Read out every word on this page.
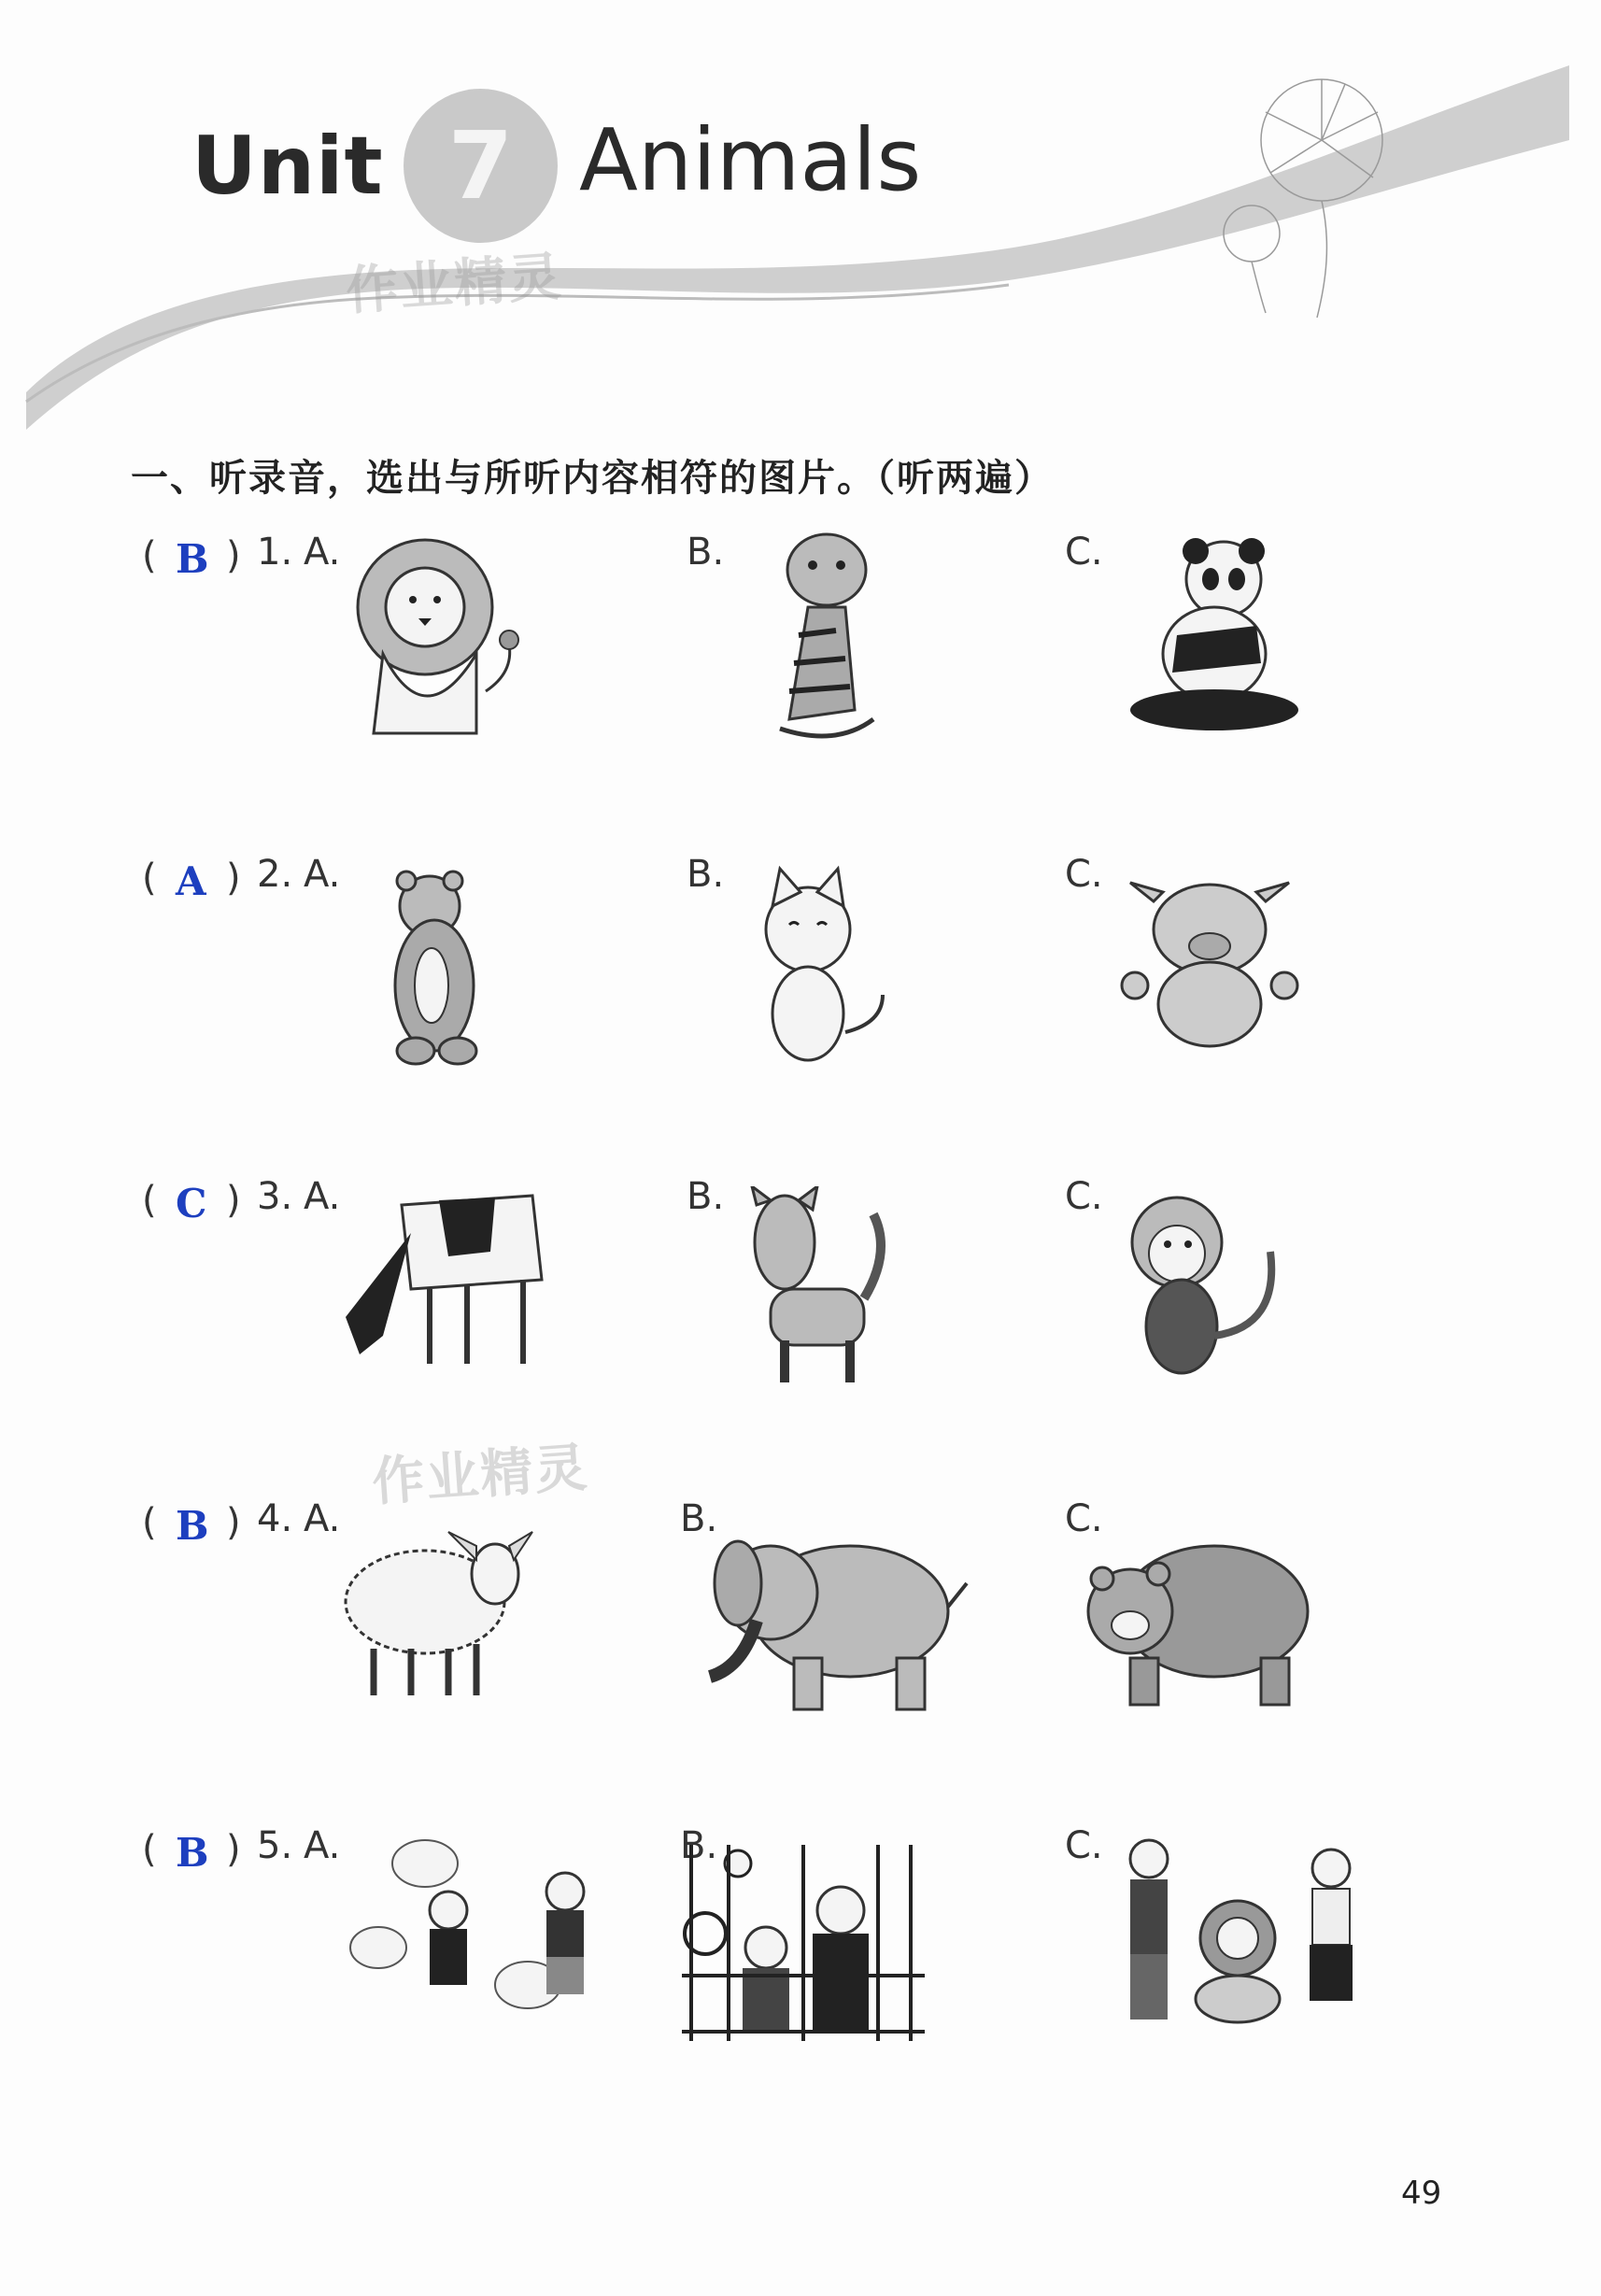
Unit 7 Animals
作业精灵
作业精灵
一、听录音，选出与所听内容相符的图片。（听两遍）
( B ) 1. A.	B.	C.
( A ) 2. A.	B.	C.
( C ) 3. A.	B.	C.
( B ) 4. A.	B.	C.
( B ) 5. A.	B.	C.
49
